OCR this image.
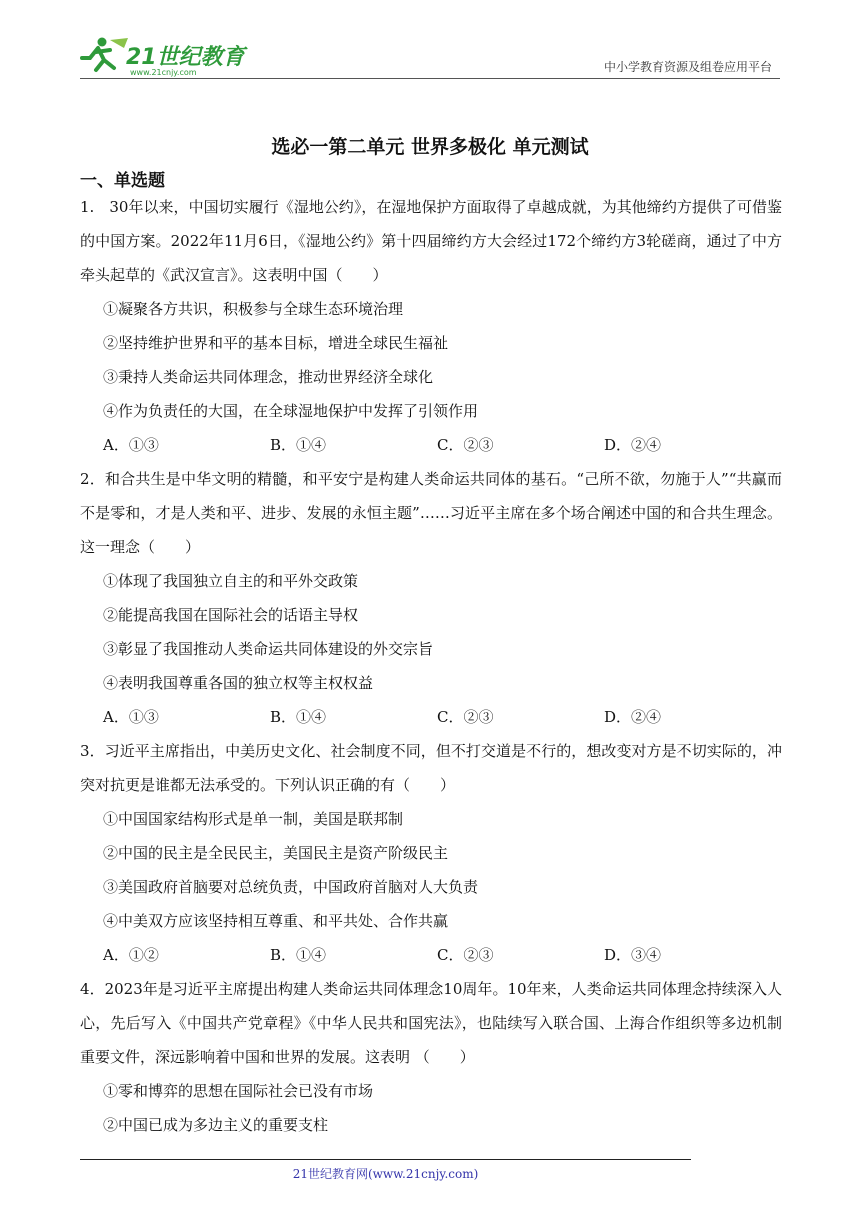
21世纪教育
www.21cnjy.com	中小学教育资源及组卷应用平台
选必一第二单元 世界多极化 单元测试
一、单选题

1.　30年以来，中国切实履行《湿地公约》，在湿地保护方面取得了卓越成就，为其他缔约方提供了可借鉴的中国方案。2022年11月6日，《湿地公约》第十四届缔约方大会经过172个缔约方3轮磋商，通过了中方牵头起草的《武汉宣言》。这表明中国（　　）

①凝聚各方共识，积极参与全球生态环境治理

②坚持维护世界和平的基本目标，增进全球民生福祉

③秉持人类命运共同体理念，推动世界经济全球化

④作为负责任的大国，在全球湿地保护中发挥了引领作用

A．①③	B．①④	C．②③	D．②④

2．和合共生是中华文明的精髓，和平安宁是构建人类命运共同体的基石。“己所不欲，勿施于人”“共赢而不是零和，才是人类和平、进步、发展的永恒主题”……习近平主席在多个场合阐述中国的和合共生理念。这一理念（　　）

①体现了我国独立自主的和平外交政策

②能提高我国在国际社会的话语主导权

③彰显了我国推动人类命运共同体建设的外交宗旨

④表明我国尊重各国的独立权等主权权益

A．①③	B．①④	C．②③	D．②④

3．习近平主席指出，中美历史文化、社会制度不同，但不打交道是不行的，想改变对方是不切实际的，冲突对抗更是谁都无法承受的。下列认识正确的有（　　）

①中国国家结构形式是单一制，美国是联邦制

②中国的民主是全民民主，美国民主是资产阶级民主

③美国政府首脑要对总统负责，中国政府首脑对人大负责

④中美双方应该坚持相互尊重、和平共处、合作共赢

A．①②	B．①④	C．②③	D．③④

4．2023年是习近平主席提出构建人类命运共同体理念10周年。10年来，人类命运共同体理念持续深入人心，先后写入《中国共产党章程》《中华人民共和国宪法》，也陆续写入联合国、上海合作组织等多边机制重要文件，深远影响着中国和世界的发展。这表明 （　　）

①零和博弈的思想在国际社会已没有市场

②中国已成为多边主义的重要支柱

21世纪教育网(www.21cnjy.com)
